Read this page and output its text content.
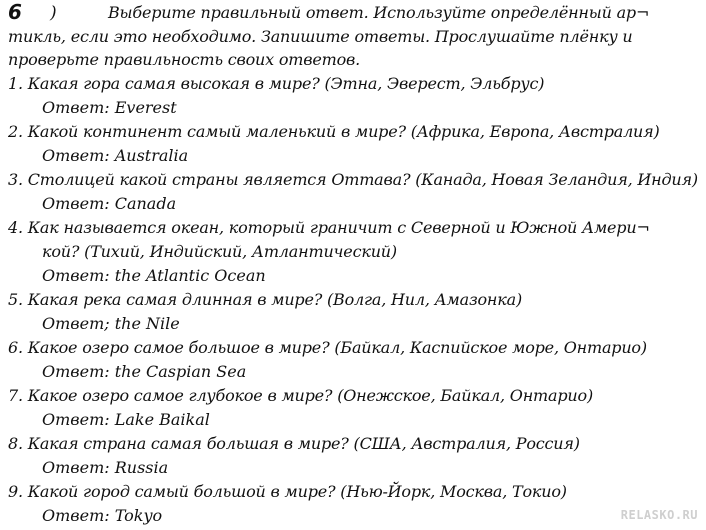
6 )	Выберите правильный ответ. Используйте определённый ар¬
тикль, если это необходимо. Запишите ответы. Прослушайте плёнку и
проверьте правильность своих ответов.
1. Какая гора самая высокая в мире? (Этна, Эверест, Эльбрус)
Ответ: Everest
2. Какой континент самый маленький в мире? (Африка, Европа, Австралия)
Ответ: Australia
3. Столицей какой страны является Оттава? (Канада, Новая Зеландия, Индия)
Ответ: Canada
4. Как называется океан, который граничит с Северной и Южной Амери¬
кой? (Тихий, Индийский, Атлантический)
Ответ: the Atlantic Ocean
5. Какая река самая длинная в мире? (Волга, Нил, Амазонка)
Ответ; the Nile
6. Какое озеро самое большое в мире? (Байкал, Каспийское море, Онтарио)
Ответ: the Caspian Sea
7. Какое озеро самое глубокое в мире? (Онежское, Байкал, Онтарио)
Ответ: Lake Baikal
8. Какая страна самая большая в мире? (США, Австралия, Россия)
Ответ: Russia
9. Какой город самый большой в мире? (Нью-Йорк, Москва, Токио)
Ответ: Tokyo	RELASKO.RU
